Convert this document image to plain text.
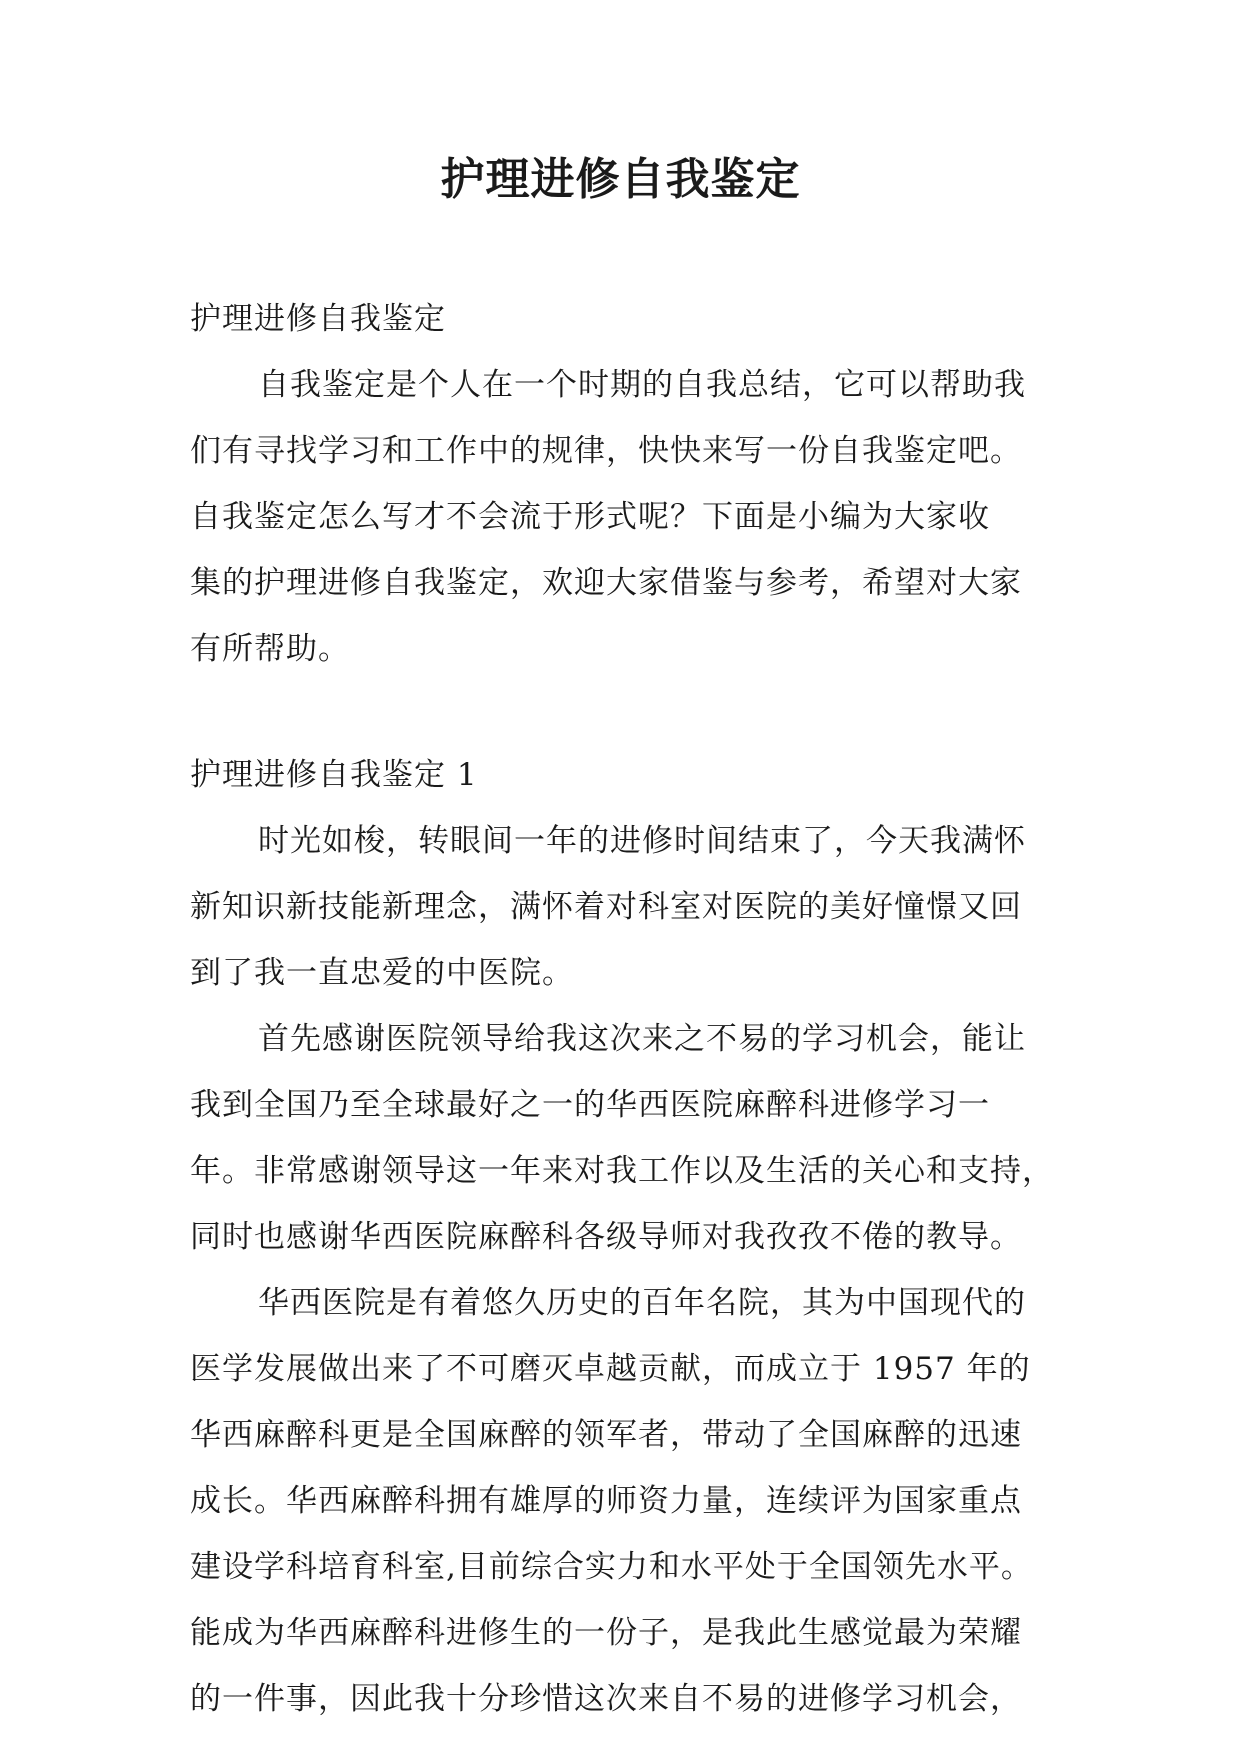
护理进修自我鉴定
护理进修自我鉴定
自我鉴定是个人在一个时期的自我总结，它可以帮助我
们有寻找学习和工作中的规律，快快来写一份自我鉴定吧。
自我鉴定怎么写才不会流于形式呢？下面是小编为大家收
集的护理进修自我鉴定，欢迎大家借鉴与参考，希望对大家
有所帮助。
护理进修自我鉴定 1
时光如梭，转眼间一年的进修时间结束了，今天我满怀
新知识新技能新理念，满怀着对科室对医院的美好憧憬又回
到了我一直忠爱的中医院。
首先感谢医院领导给我这次来之不易的学习机会，能让
我到全国乃至全球最好之一的华西医院麻醉科进修学习一
年。非常感谢领导这一年来对我工作以及生活的关心和支持，
同时也感谢华西医院麻醉科各级导师对我孜孜不倦的教导。
华西医院是有着悠久历史的百年名院，其为中国现代的
医学发展做出来了不可磨灭卓越贡献，而成立于 1957 年的
华西麻醉科更是全国麻醉的领军者，带动了全国麻醉的迅速
成长。华西麻醉科拥有雄厚的师资力量，连续评为国家重点
建设学科培育科室,目前综合实力和水平处于全国领先水平。
能成为华西麻醉科进修生的一份子，是我此生感觉最为荣耀
的一件事，因此我十分珍惜这次来自不易的进修学习机会，
